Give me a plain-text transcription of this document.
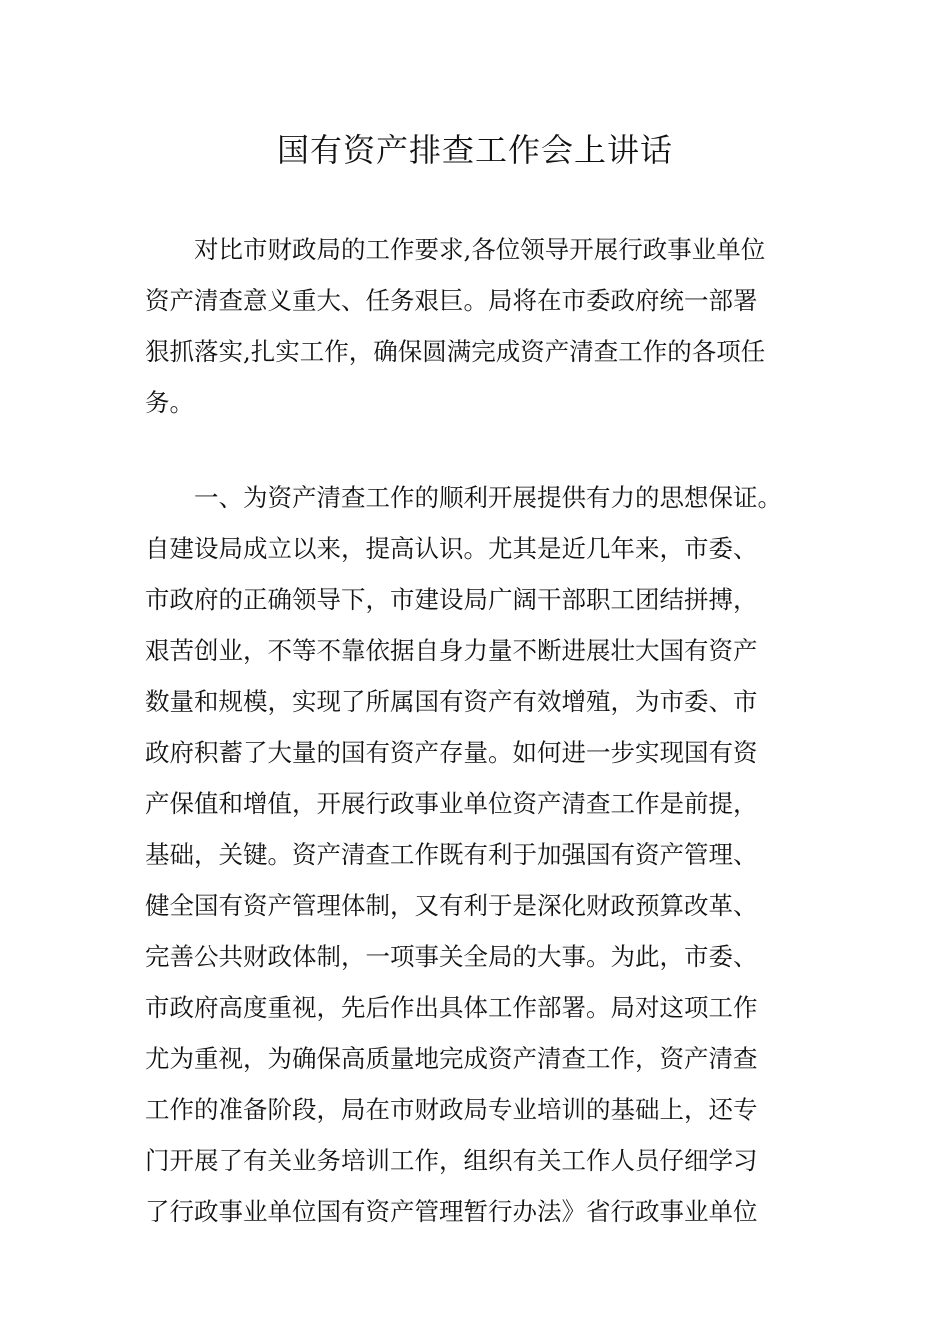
国有资产排查工作会上讲话
对比市财政局的工作要求,各位领导开展行政事业单位
资产清查意义重大、任务艰巨。局将在市委政府统一部署
狠抓落实,扎实工作，确保圆满完成资产清查工作的各项任
务。
一、为资产清查工作的顺利开展提供有力的思想保证。
自建设局成立以来，提高认识。尤其是近几年来，市委、
市政府的正确领导下，市建设局广阔干部职工团结拼搏，
艰苦创业，不等不靠依据自身力量不断进展壮大国有资产
数量和规模，实现了所属国有资产有效增殖，为市委、市
政府积蓄了大量的国有资产存量。如何进一步实现国有资
产保值和增值，开展行政事业单位资产清查工作是前提，
基础，关键。资产清查工作既有利于加强国有资产管理、
健全国有资产管理体制，又有利于是深化财政预算改革、
完善公共财政体制，一项事关全局的大事。为此，市委、
市政府高度重视，先后作出具体工作部署。局对这项工作
尤为重视，为确保高质量地完成资产清查工作，资产清查
工作的准备阶段，局在市财政局专业培训的基础上，还专
门开展了有关业务培训工作，组织有关工作人员仔细学习
了行政事业单位国有资产管理暂行办法》省行政事业单位
